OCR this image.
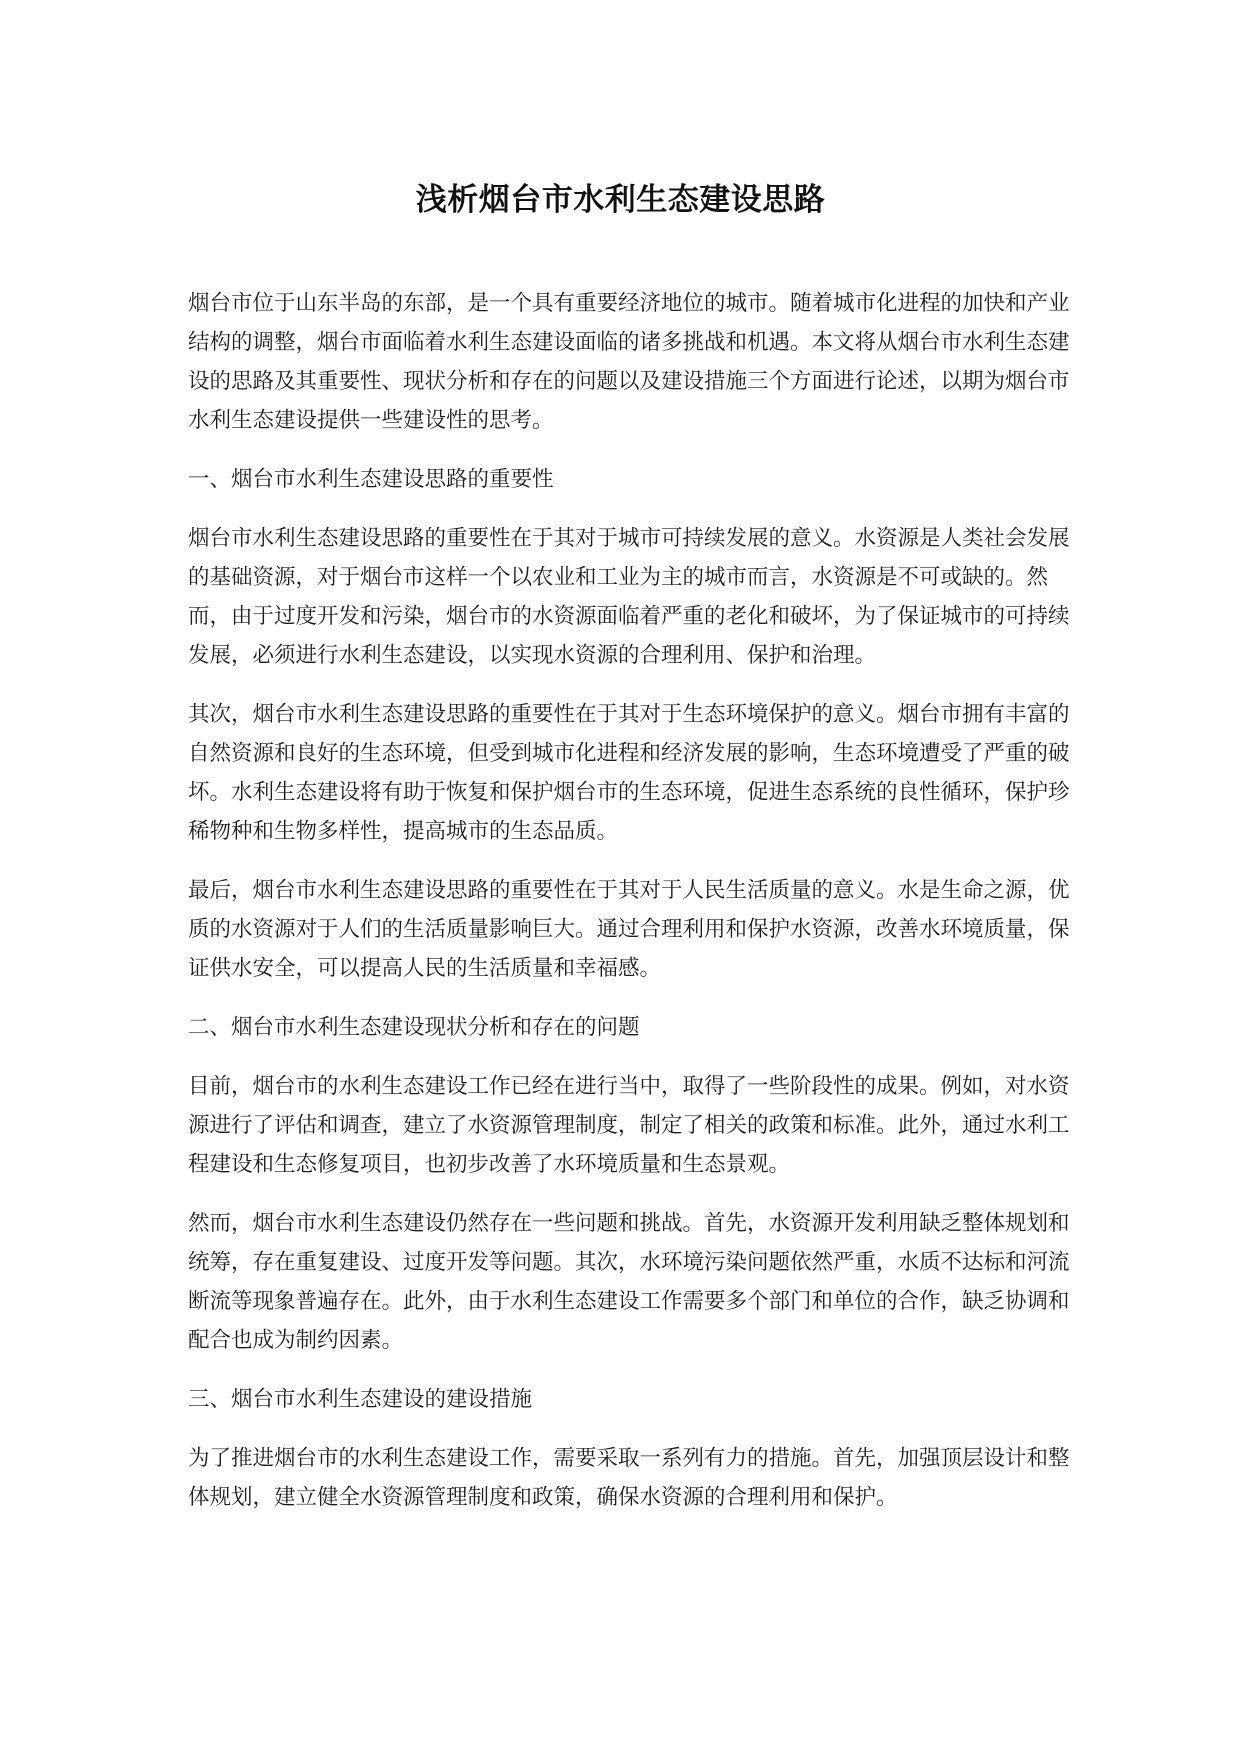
浅析烟台市水利生态建设思路

烟台市位于山东半岛的东部，是一个具有重要经济地位的城市。随着城市化进程的加快和产业结构的调整，烟台市面临着水利生态建设面临的诸多挑战和机遇。本文将从烟台市水利生态建设的思路及其重要性、现状分析和存在的问题以及建设措施三个方面进行论述，以期为烟台市水利生态建设提供一些建设性的思考。

一、烟台市水利生态建设思路的重要性

烟台市水利生态建设思路的重要性在于其对于城市可持续发展的意义。水资源是人类社会发展的基础资源，对于烟台市这样一个以农业和工业为主的城市而言，水资源是不可或缺的。然而，由于过度开发和污染，烟台市的水资源面临着严重的老化和破坏，为了保证城市的可持续发展，必须进行水利生态建设，以实现水资源的合理利用、保护和治理。

其次，烟台市水利生态建设思路的重要性在于其对于生态环境保护的意义。烟台市拥有丰富的自然资源和良好的生态环境，但受到城市化进程和经济发展的影响，生态环境遭受了严重的破坏。水利生态建设将有助于恢复和保护烟台市的生态环境，促进生态系统的良性循环，保护珍稀物种和生物多样性，提高城市的生态品质。

最后，烟台市水利生态建设思路的重要性在于其对于人民生活质量的意义。水是生命之源，优质的水资源对于人们的生活质量影响巨大。通过合理利用和保护水资源，改善水环境质量，保证供水安全，可以提高人民的生活质量和幸福感。

二、烟台市水利生态建设现状分析和存在的问题

目前，烟台市的水利生态建设工作已经在进行当中，取得了一些阶段性的成果。例如，对水资源进行了评估和调查，建立了水资源管理制度，制定了相关的政策和标准。此外，通过水利工程建设和生态修复项目，也初步改善了水环境质量和生态景观。

然而，烟台市水利生态建设仍然存在一些问题和挑战。首先，水资源开发利用缺乏整体规划和统筹，存在重复建设、过度开发等问题。其次，水环境污染问题依然严重，水质不达标和河流断流等现象普遍存在。此外，由于水利生态建设工作需要多个部门和单位的合作，缺乏协调和配合也成为制约因素。

三、烟台市水利生态建设的建设措施

为了推进烟台市的水利生态建设工作，需要采取一系列有力的措施。首先，加强顶层设计和整体规划，建立健全水资源管理制度和政策，确保水资源的合理利用和保护。
